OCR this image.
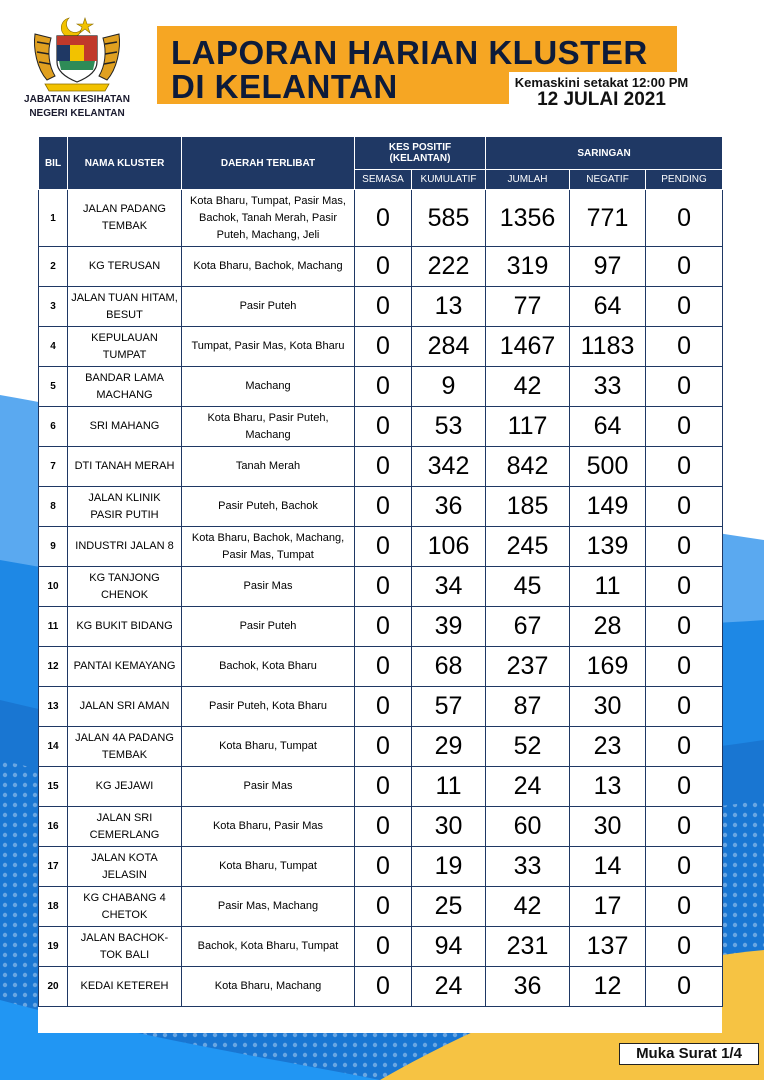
JABATAN KESIHATAN
NEGERI KELANTAN
LAPORAN HARIAN KLUSTER
DI KELANTAN	Kemaskini setakat 12:00 PM
12 JULAI 2021
BIL	NAMA KLUSTER	DAERAH TERLIBAT	KES POSITIF
(KELANTAN)		SARINGAN		
			SEMASA	KUMULATIF	JUMLAH	NEGATIF	PENDING
1	JALAN PADANG TEMBAK	Kota Bharu, Tumpat, Pasir Mas, Bachok, Tanah Merah, Pasir Puteh, Machang, Jeli	0	585	1356	771	0
2	KG TERUSAN	Kota Bharu, Bachok, Machang	0	222	319	97	0
3	JALAN TUAN HITAM, BESUT	Pasir Puteh	0	13	77	64	0
4	KEPULAUAN TUMPAT	Tumpat, Pasir Mas, Kota Bharu	0	284	1467	1183	0
5	BANDAR LAMA MACHANG	Machang	0	9	42	33	0
6	SRI MAHANG	Kota Bharu, Pasir Puteh, Machang	0	53	117	64	0
7	DTI TANAH MERAH	Tanah Merah	0	342	842	500	0
8	JALAN KLINIK PASIR PUTIH	Pasir Puteh, Bachok	0	36	185	149	0
9	INDUSTRI JALAN 8	Kota Bharu, Bachok, Machang, Pasir Mas, Tumpat	0	106	245	139	0
10	KG TANJONG CHENOK	Pasir Mas	0	34	45	11	0
11	KG BUKIT BIDANG	Pasir Puteh	0	39	67	28	0
12	PANTAI KEMAYANG	Bachok, Kota Bharu	0	68	237	169	0
13	JALAN SRI AMAN	Pasir Puteh, Kota Bharu	0	57	87	30	0
14	JALAN 4A PADANG TEMBAK	Kota Bharu, Tumpat	0	29	52	23	0
15	KG JEJAWI	Pasir Mas	0	11	24	13	0
16	JALAN SRI CEMERLANG	Kota Bharu, Pasir Mas	0	30	60	30	0
17	JALAN KOTA JELASIN	Kota Bharu, Tumpat	0	19	33	14	0
18	KG CHABANG 4 CHETOK	Pasir Mas, Machang	0	25	42	17	0
19	JALAN BACHOK-TOK BALI	Bachok, Kota Bharu, Tumpat	0	94	231	137	0
20	KEDAI KETEREH	Kota Bharu, Machang	0	24	36	12	0
Muka Surat 1/4
